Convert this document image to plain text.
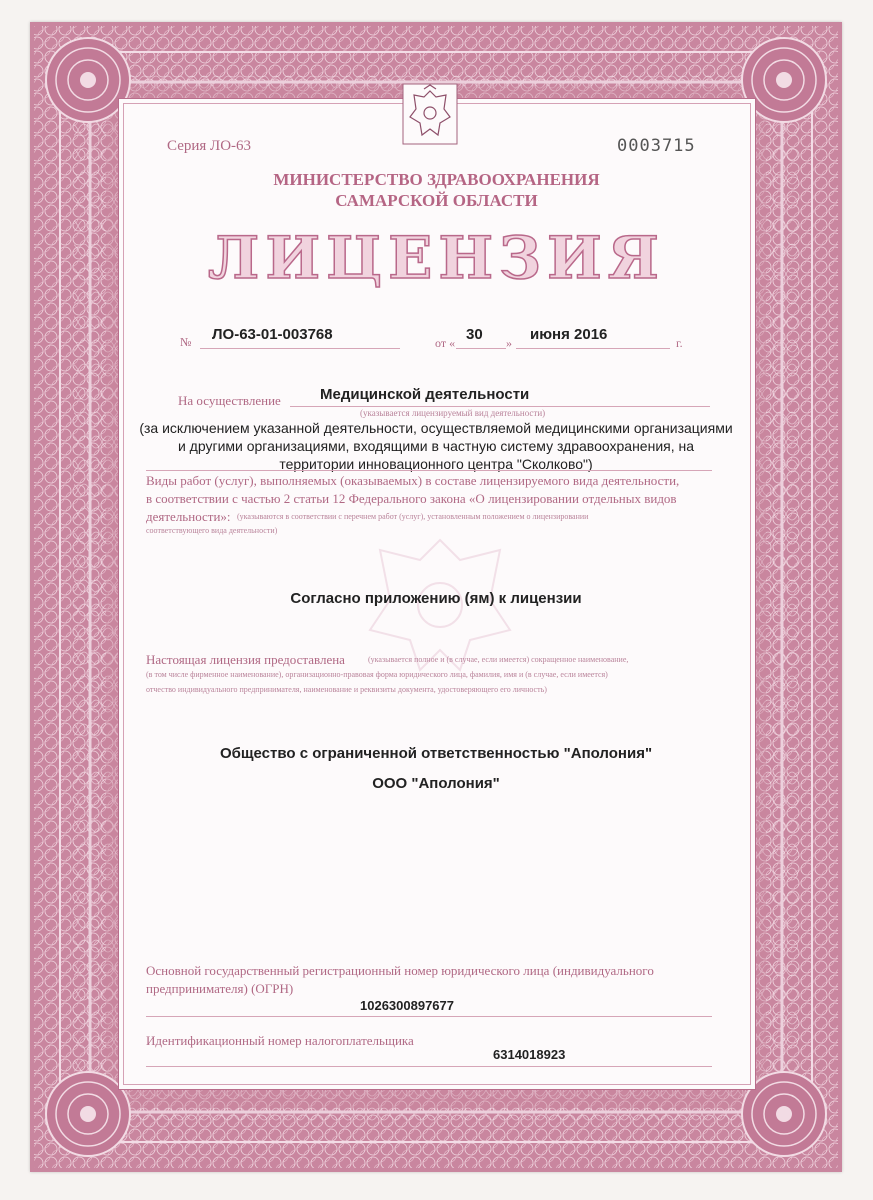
Серия ЛО-63	0003715
МИНИСТЕРСТВО ЗДРАВООХРАНЕНИЯ
САМАРСКОЙ ОБЛАСТИ
ЛИЦЕНЗИЯ
№ ЛО-63-01-003768	от « 30 » июня 2016	г.
На осуществление	Медицинской деятельности
(указывается лицензируемый вид деятельности)
(за исключением указанной деятельности, осуществляемой медицинскими организациями
и другими организациями, входящими в частную систему здравоохранения, на
территории инновационного центра "Сколково")
Виды работ (услуг), выполняемых (оказываемых) в составе лицензируемого вида деятельности,
в соответствии с частью 2 статьи 12 Федерального закона «О лицензировании отдельных видов
деятельности»: (указываются в соответствии с перечнем работ (услуг), установленным положением о лицензировании
соответствующего вида деятельности)
Согласно приложению (ям) к лицензии
Настоящая лицензия предоставлена	(указывается полное и (в случае, если имеется) сокращенное наименование,
(в том числе фирменное наименование), организационно-правовая форма юридического лица, фамилия, имя и (в случае, если имеется)
отчество индивидуального предпринимателя, наименование и реквизиты документа, удостоверяющего его личность)
Общество с ограниченной ответственностью "Аполония"
ООО "Аполония"
Основной государственный регистрационный номер юридического лица (индивидуального
предпринимателя) (ОГРН)
1026300897677
Идентификационный номер налогоплательщика
6314018923
